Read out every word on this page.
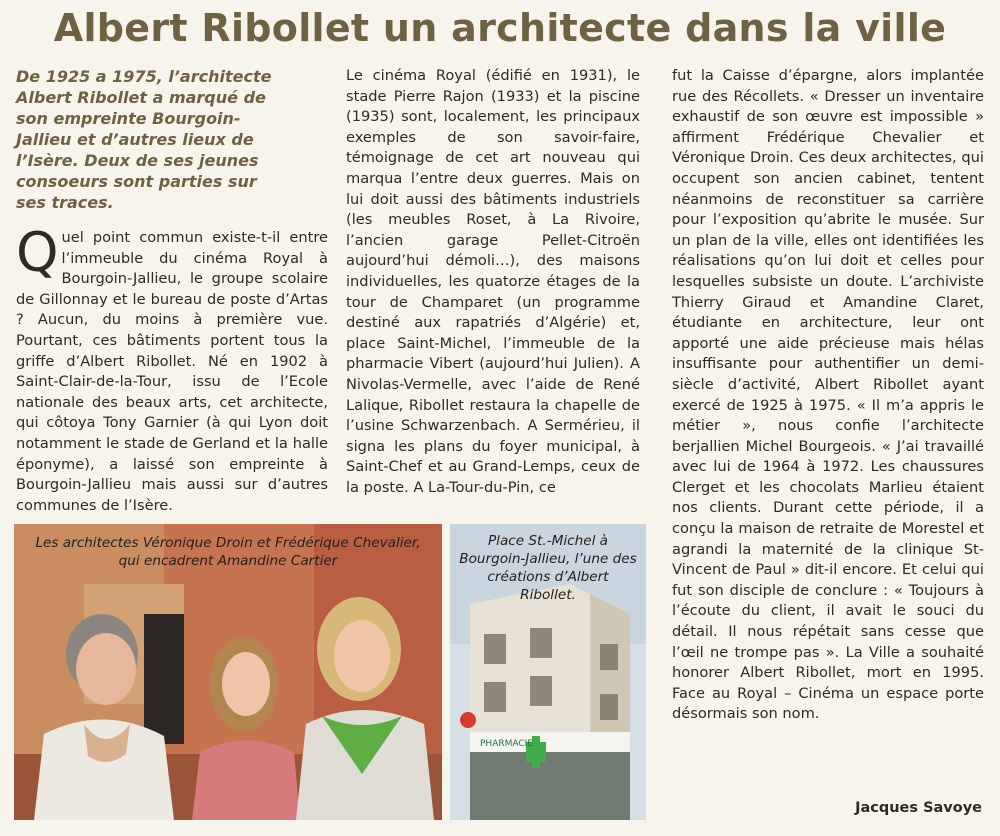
Albert Ribollet un architecte dans la ville

De 1925 a 1975, l’architecte Albert Ribollet a marqué de son empreinte Bourgoin-Jallieu et d’autres lieux de l’Isère. Deux de ses jeunes consoeurs sont parties sur ses traces.

Quel point commun existe-t-il entre l’immeuble du cinéma Royal à Bourgoin-Jallieu, le groupe scolaire de Gillonnay et le bureau de poste d’Artas ? Aucun, du moins à première vue. Pourtant, ces bâtiments portent tous la griffe d’Albert Ribollet. Né en 1902 à Saint-Clair-de-la-Tour, issu de l’Ecole nationale des beaux arts, cet architecte, qui côtoya Tony Garnier (à qui Lyon doit notamment le stade de Gerland et la halle éponyme), a laissé son empreinte à Bourgoin-Jallieu mais aussi sur d’autres communes de l’Isère.

Le cinéma Royal (édifié en 1931), le stade Pierre Rajon (1933) et la piscine (1935) sont, localement, les principaux exemples de son savoir-faire, témoignage de cet art nouveau qui marqua l’entre deux guerres. Mais on lui doit aussi des bâtiments industriels (les meubles Roset, à La Rivoire, l’ancien garage Pellet-Citroën aujourd’hui démoli…), des maisons individuelles, les quatorze étages de la tour de Champaret (un programme destiné aux rapatriés d’Algérie) et, place Saint-Michel, l’immeuble de la pharmacie Vibert (aujourd’hui Julien). A Nivolas-Vermelle, avec l’aide de René Lalique, Ribollet restaura la chapelle de l’usine Schwarzenbach. A Sermérieu, il signa les plans du foyer municipal, à Saint-Chef et au Grand-Lemps, ceux de la poste. A La-Tour-du-Pin, ce

fut la Caisse d’épargne, alors implantée rue des Récollets. « Dresser un inventaire exhaustif de son œuvre est impossible » affirment Frédérique Chevalier et Véronique Droin. Ces deux architectes, qui occupent son ancien cabinet, tentent néanmoins de reconstituer sa carrière pour l’exposition qu’abrite le musée. Sur un plan de la ville, elles ont identifiées les réalisations qu’on lui doit et celles pour lesquelles subsiste un doute. L’archiviste Thierry Giraud et Amandine Claret, étudiante en architecture, leur ont apporté une aide précieuse mais hélas insuffisante pour authentifier un demi-siècle d’activité, Albert Ribollet ayant exercé de 1925 à 1975. « Il m’a appris le métier », nous confie l’architecte berjallien Michel Bourgeois. « J’ai travaillé avec lui de 1964 à 1972. Les chaussures Clerget et les chocolats Marlieu étaient nos clients. Durant cette période, il a conçu la maison de retraite de Morestel et agrandi la maternité de la clinique St-Vincent de Paul » dit-il encore. Et celui qui fut son disciple de conclure : « Toujours à l’écoute du client, il avait le souci du détail. Il nous répétait sans cesse que l’œil ne trompe pas ». La Ville a souhaité honorer Albert Ribollet, mort en 1995. Face au Royal – Cinéma un espace porte désormais son nom.

Les architectes Véronique Droin et Frédérique Chevalier, qui encadrent Amandine Cartier
PHARMACIE
Place St.-Michel à Bourgoin-Jallieu, l’une des créations d’Albert Ribollet.
Jacques Savoye
